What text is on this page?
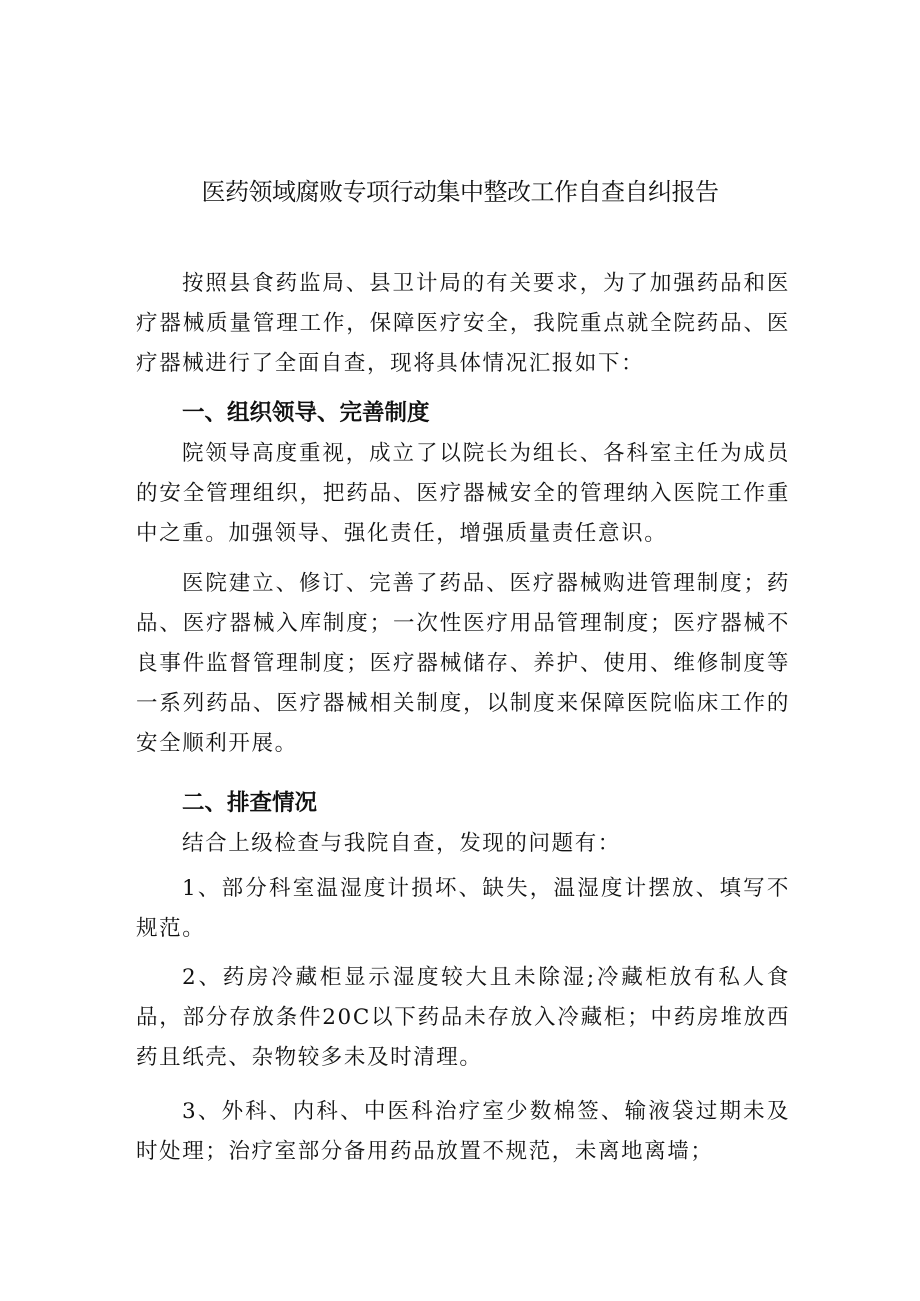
医药领域腐败专项行动集中整改工作自查自纠报告

按照县食药监局、县卫计局的有关要求，为了加强药品和医疗器械质量管理工作，保障医疗安全，我院重点就全院药品、医疗器械进行了全面自查，现将具体情况汇报如下：

一、组织领导、完善制度

院领导高度重视，成立了以院长为组长、各科室主任为成员的安全管理组织，把药品、医疗器械安全的管理纳入医院工作重中之重。加强领导、强化责任，增强质量责任意识。

医院建立、修订、完善了药品、医疗器械购进管理制度；药品、医疗器械入库制度；一次性医疗用品管理制度；医疗器械不良事件监督管理制度；医疗器械储存、养护、使用、维修制度等一系列药品、医疗器械相关制度，以制度来保障医院临床工作的安全顺利开展。

二、排查情况

结合上级检查与我院自查，发现的问题有：

1、部分科室温湿度计损坏、缺失，温湿度计摆放、填写不规范。

2、药房冷藏柜显示湿度较大且未除湿;冷藏柜放有私人食品，部分存放条件20C以下药品未存放入冷藏柜；中药房堆放西药且纸壳、杂物较多未及时清理。

3、外科、内科、中医科治疗室少数棉签、输液袋过期未及时处理；治疗室部分备用药品放置不规范，未离地离墙；
